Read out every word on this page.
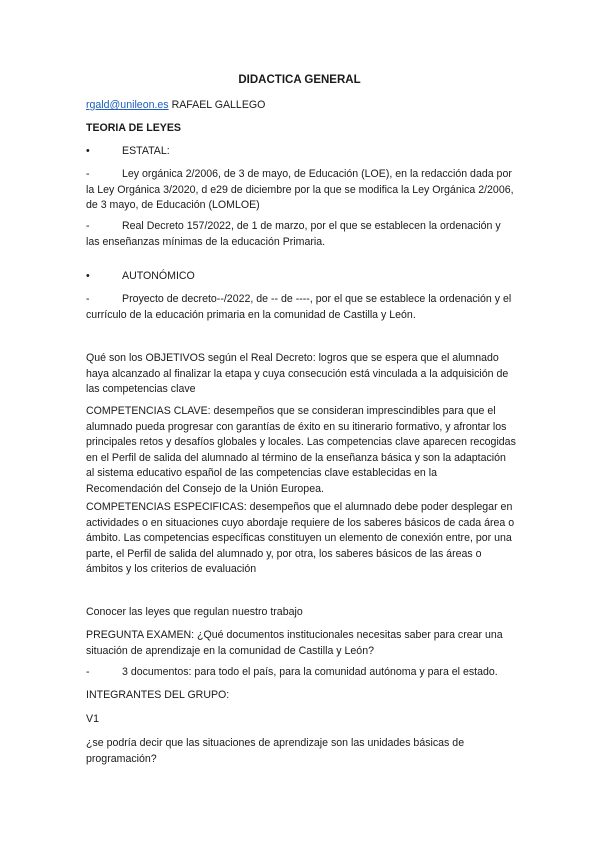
DIDACTICA GENERAL
rgald@unileon.es RAFAEL GALLEGO
TEORIA DE LEYES
•	ESTATAL:

-	Ley orgánica 2/2006, de 3 de mayo, de Educación (LOE), en la redacción dada por la Ley Orgánica 3/2020, d e29 de diciembre por la que se modifica la Ley Orgánica 2/2006, de 3 mayo, de Educación (LOMLOE)

-	Real Decreto 157/2022, de 1 de marzo, por el que se establecen la ordenación y las enseñanzas mínimas de la educación Primaria.

•	AUTONÓMICO

-	Proyecto de decreto--/2022, de -- de ----, por el que se establece la ordenación y el currículo de la educación primaria en la comunidad de Castilla y León.

Qué son los OBJETIVOS según el Real Decreto: logros que se espera que el alumnado haya alcanzado al finalizar la etapa y cuya consecución está vinculada a la adquisición de las competencias clave

COMPETENCIAS CLAVE: desempeños que se consideran imprescindibles para que el alumnado pueda progresar con garantías de éxito en su itinerario formativo, y afrontar los principales retos y desafíos globales y locales. Las competencias clave aparecen recogidas en el Perfil de salida del alumnado al término de la enseñanza básica y son la adaptación al sistema educativo español de las competencias clave establecidas en la Recomendación del Consejo de la Unión Europea.

COMPETENCIAS ESPECIFICAS: desempeños que el alumnado debe poder desplegar en actividades o en situaciones cuyo abordaje requiere de los saberes básicos de cada área o ámbito. Las competencias específicas constituyen un elemento de conexión entre, por una parte, el Perfil de salida del alumnado y, por otra, los saberes básicos de las áreas o ámbitos y los criterios de evaluación

Conocer las leyes que regulan nuestro trabajo

PREGUNTA EXAMEN: ¿Qué documentos institucionales necesitas saber para crear una situación de aprendizaje en la comunidad de Castilla y León?

-	3 documentos: para todo el país, para la comunidad autónoma y para el estado.

INTEGRANTES DEL GRUPO:

V1

¿se podría decir que las situaciones de aprendizaje son las unidades básicas de programación?
